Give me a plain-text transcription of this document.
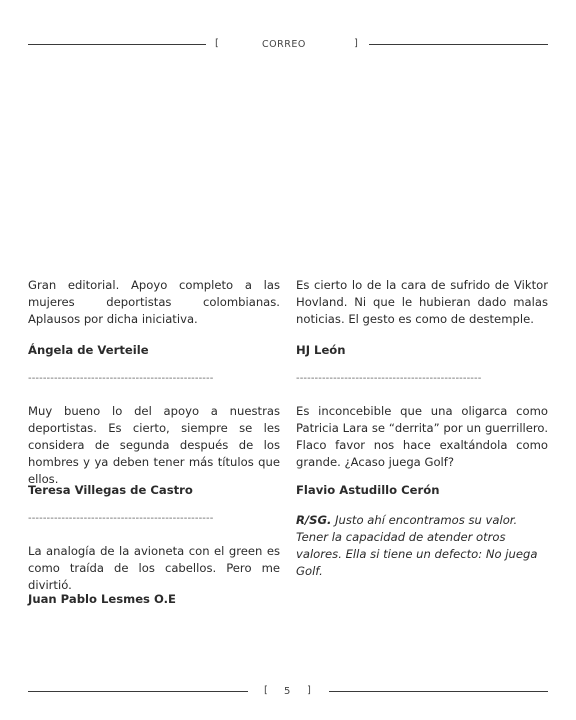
[	CORREO	]

Gran editorial. Apoyo completo a las mujeres deportistas colombianas. Aplausos por dicha iniciativa.

Ángela de Verteile

--------------------------------------------------

Muy bueno lo del apoyo a nuestras deportistas. Es cierto, siempre se les considera de segunda después de los hombres y ya deben tener más títulos que ellos.

Teresa Villegas de Castro

--------------------------------------------------

La analogía de la avioneta con el green es como traída de los cabellos. Pero me divirtió.

Juan Pablo Lesmes O.E

Es cierto lo de la cara de sufrido de Viktor Hovland. Ni que le hubieran dado malas noticias. El gesto es como de destemple.

HJ León

--------------------------------------------------

Es inconcebible que una oligarca como Patricia Lara se “derrita” por un guerrillero. Flaco favor nos hace exaltándola como grande. ¿Acaso juega Golf?

Flavio Astudillo Cerón

R/SG. Justo ahí encontramos su valor. Tener la capacidad de atender otros valores. Ella si tiene un defecto: No juega Golf.

[ 5 ]
